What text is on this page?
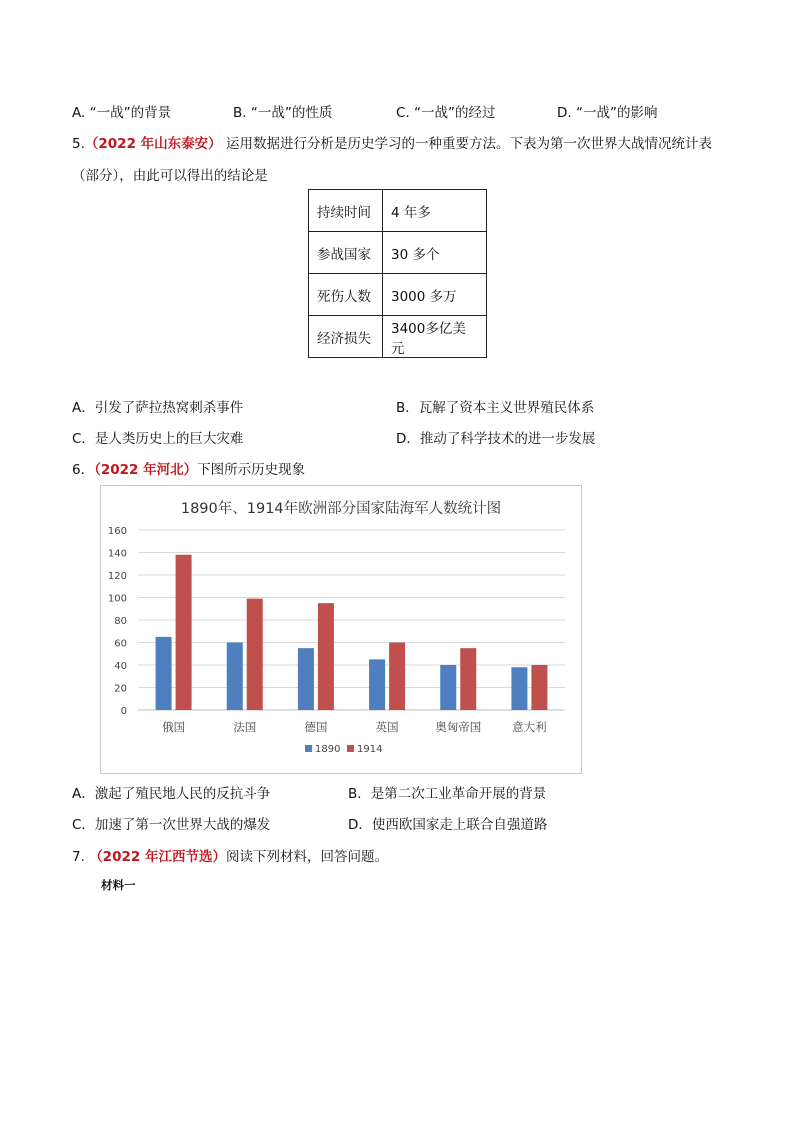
A. “一战”的背景	B. “一战”的性质	C. “一战”的经过	D. “一战”的影响
5.（2022 年山东泰安） 运用数据进行分析是历史学习的一种重要方法。下表为第一次世界大战情况统计表
（部分），由此可以得出的结论是
持续时间	4 年多
参战国家	30 多个
死伤人数	3000 多万
经济损失	3400多亿美元
A．引发了萨拉热窝刺杀事件	B．瓦解了资本主义世界殖民体系
C．是人类历史上的巨大灾难	D．推动了科学技术的进一步发展
6．（2022 年河北）下图所示历史现象
1890年、1914年欧洲部分国家陆海军人数统计图
0
20
40
60
80
100
120
140
160
俄国	法国	德国	英国	奥匈帝国	意大利
1890 1914
A．激起了殖民地人民的反抗斗争	B．是第二次工业革命开展的背景
C．加速了第一次世界大战的爆发	D．使西欧国家走上联合自强道路
7. （2022 年江西节选）阅读下列材料，回答问题。
材料一
